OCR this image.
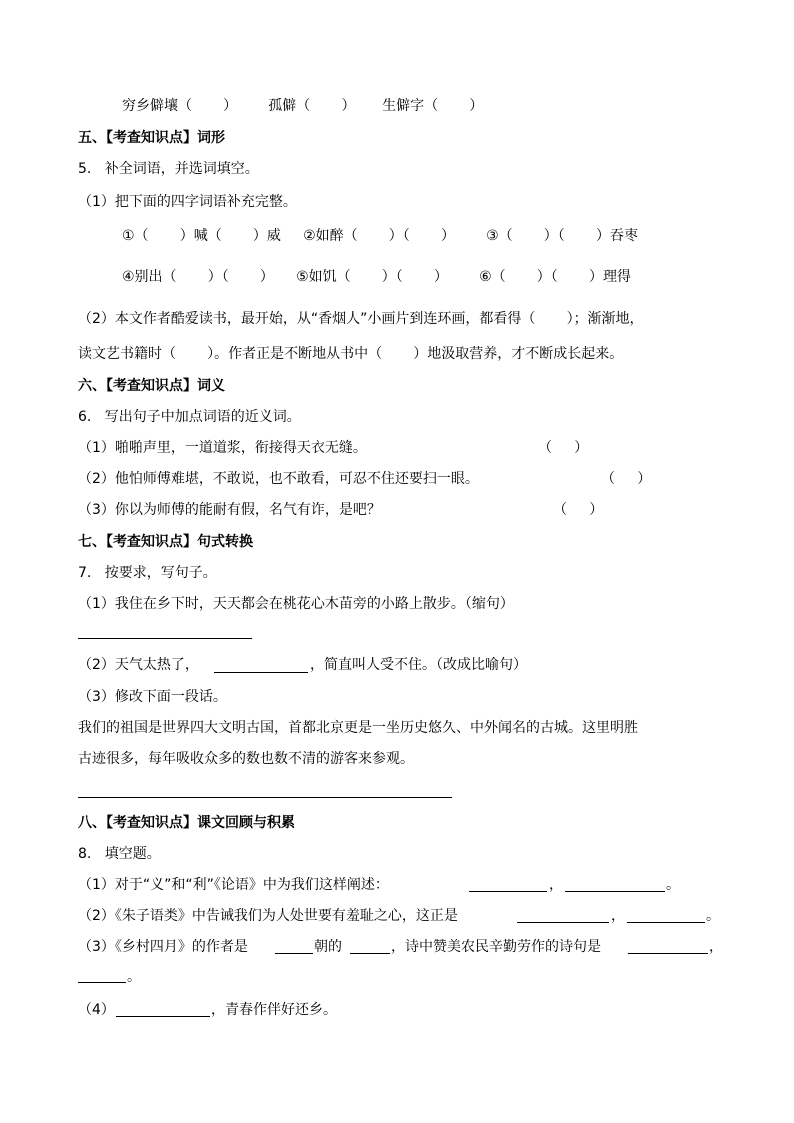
穷乡僻壤（       ）       孤僻（       ）      生僻字（       ）
五、【考查知识点】词形
5.   补全词语，并选词填空。
（1）把下面的四字词语补充完整。
①（       ）喊（       ）威     ②如醉（       ）（       ）       ③（       ）（       ）吞枣
④别出（       ）（       ）     ⑤如饥（       ）（       ）       ⑥（       ）（       ）理得
（2）本文作者酷爱读书，最开始，从“香烟人”小画片到连环画，都看得（       ）；渐渐地，
读文艺书籍时（       ）。作者正是不断地从书中（       ）地汲取营养，才不断成长起来。
六、【考查知识点】词义
6.   写出句子中加点词语的近义词。
（1）啪啪声里，一道道浆，衔接得天衣无缝。	（     ）
（2）他怕师傅难堪，不敢说，也不敢看，可忍不住还要扫一眼。	（     ）
（3）你以为师傅的能耐有假，名气有诈，是吧？	（     ）
七、【考查知识点】句式转换
7.   按要求，写句子。
（1）我住在乡下时，天天都会在桃花心木苗旁的小路上散步。（缩句）
（2）天气太热了，	，简直叫人受不住。（改成比喻句）
（3）修改下面一段话。
我们的祖国是世界四大文明古国，首都北京更是一坐历史悠久、中外闻名的古城。这里明胜
古迹很多，每年吸收众多的数也数不清的游客来参观。
八、【考查知识点】课文回顾与积累
8.   填空题。
（1）对于“义”和“利”《论语》中为我们这样阐述：	，	。
（2）《朱子语类》中告诫我们为人处世要有羞耻之心，这正是	，	。
（3）《乡村四月》的作者是	朝的	，诗中赞美农民辛勤劳作的诗句是	，
。
（4）	，青春作伴好还乡。
